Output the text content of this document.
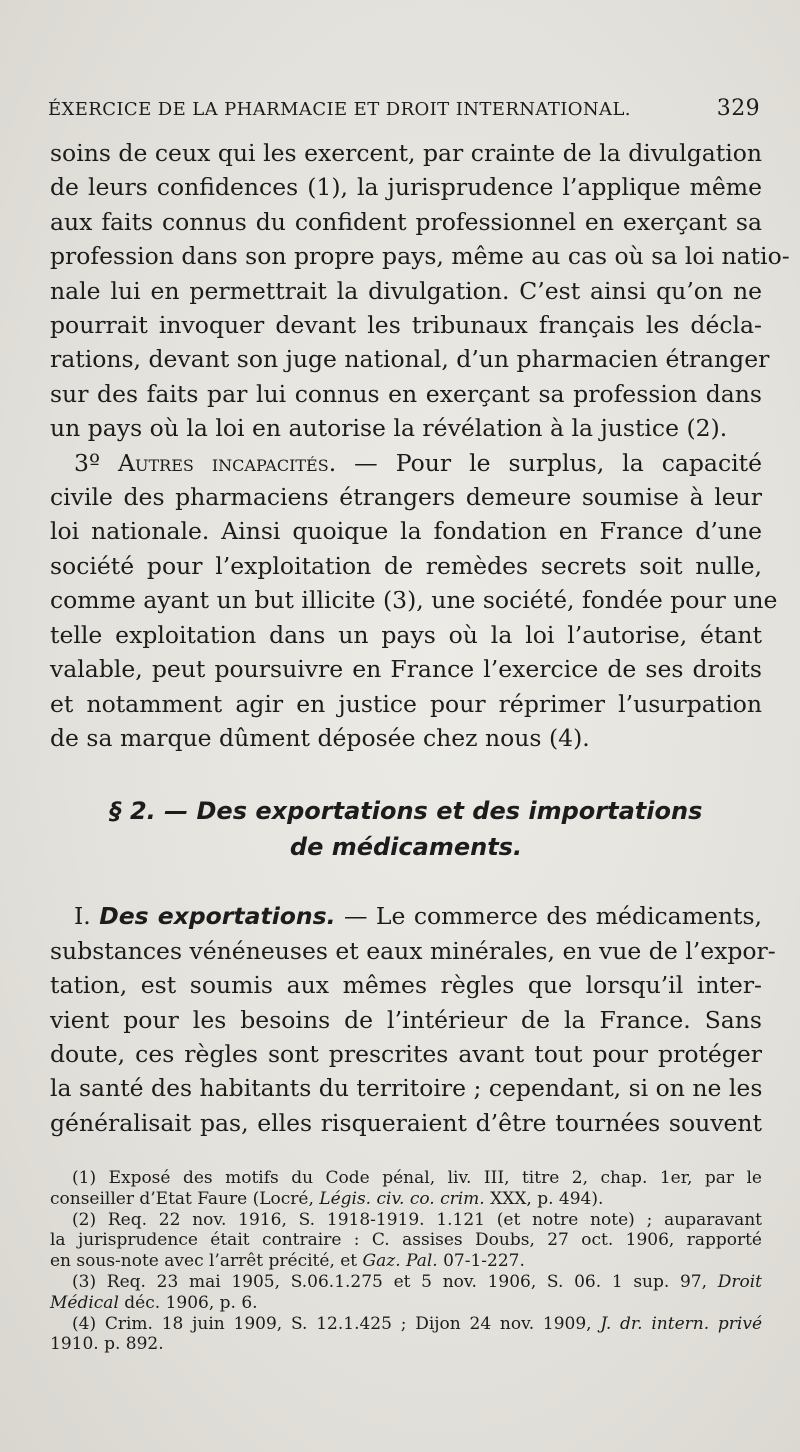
ÉXERCICE DE LA PHARMACIE ET DROIT INTERNATIONAL.	329

soins de ceux qui les exercent, par crainte de la divulgation
de leurs confidences (1), la jurisprudence l’applique même
aux faits connus du confident professionnel en exerçant sa
profession dans son propre pays, même au cas où sa loi natio-
nale lui en permettrait la divulgation. C’est ainsi qu’on ne
pourrait invoquer devant les tribunaux français les décla-
rations, devant son juge national, d’un pharmacien étranger
sur des faits par lui connus en exerçant sa profession dans
un pays où la loi en autorise la révélation à la justice (2).

3º Autres incapacités. — Pour le surplus, la capacité
civile des pharmaciens étrangers demeure soumise à leur
loi nationale. Ainsi quoique la fondation en France d’une
société pour l’exploitation de remèdes secrets soit nulle,
comme ayant un but illicite (3), une société, fondée pour une
telle exploitation dans un pays où la loi l’autorise, étant
valable, peut poursuivre en France l’exercice de ses droits
et notamment agir en justice pour réprimer l’usurpation
de sa marque dûment déposée chez nous (4).

§ 2. — Des exportations et des importations
de médicaments.

I. Des exportations. — Le commerce des médicaments,
substances vénéneuses et eaux minérales, en vue de l’expor-
tation, est soumis aux mêmes règles que lorsqu’il inter-
vient pour les besoins de l’intérieur de la France. Sans
doute, ces règles sont prescrites avant tout pour protéger
la santé des habitants du territoire ; cependant, si on ne les
généralisait pas, elles risqueraient d’être tournées souvent

(1) Exposé des motifs du Code pénal, liv. III, titre 2, chap. 1er, par le
conseiller d’Etat Faure (Locré, Légis. civ. co. crim. XXX, p. 494).
(2) Req. 22 nov. 1916, S. 1918-1919. 1.121 (et notre note) ; auparavant
la jurisprudence était contraire : C. assises Doubs, 27 oct. 1906, rapporté
en sous-note avec l’arrêt précité, et Gaz. Pal. 07-1-227.
(3) Req. 23 mai 1905, S.06.1.275 et 5 nov. 1906, S. 06. 1 sup. 97, Droit
Médical déc. 1906, p. 6.
(4) Crim. 18 juin 1909, S. 12.1.425 ; Dijon 24 nov. 1909, J. dr. intern. privé
1910. p. 892.
